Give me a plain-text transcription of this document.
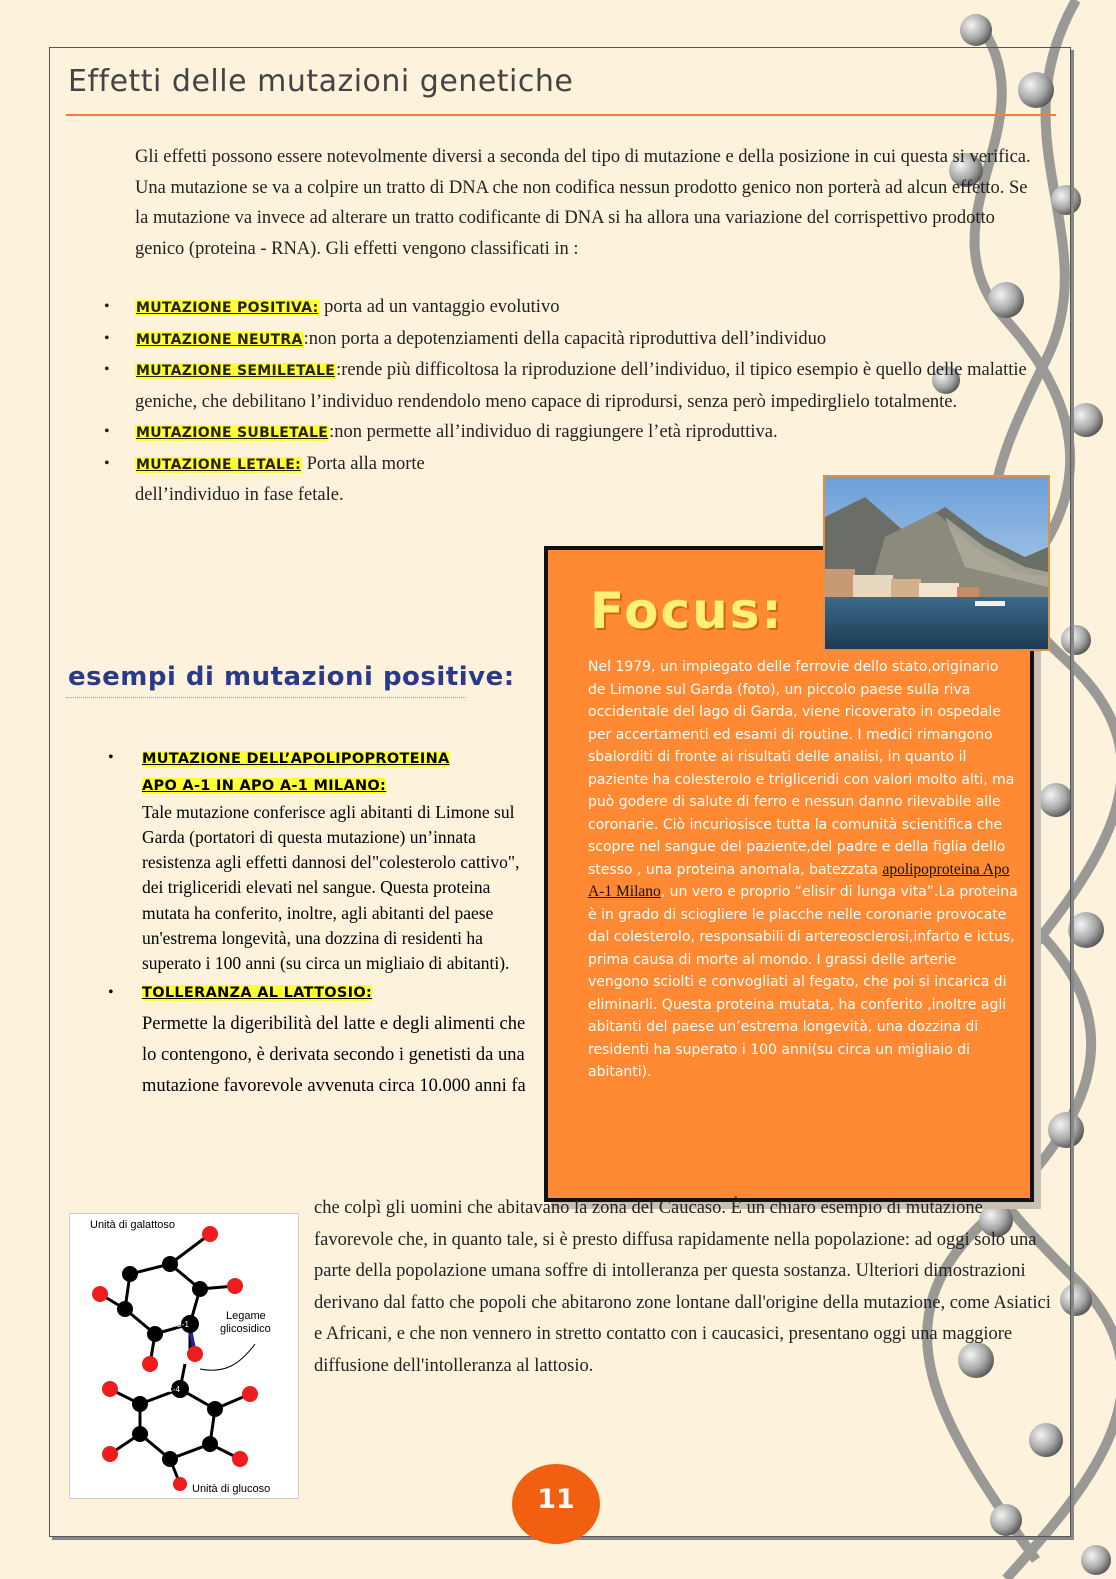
Effetti delle mutazioni genetiche

Gli effetti possono essere notevolmente diversi a seconda del tipo di mutazione e della posizione in cui questa si verifica. Una mutazione se va a colpire un tratto di DNA che non codifica nessun prodotto genico non porterà ad alcun effetto. Se la mutazione va invece ad alterare un tratto codificante di DNA si ha allora una variazione del corrispettivo prodotto genico (proteina - RNA). Gli effetti vengono classificati in :

• MUTAZIONE POSITIVA: porta ad un vantaggio evolutivo
• MUTAZIONE NEUTRA:non porta a depotenziamenti della capacità riproduttiva dell’individuo
• MUTAZIONE SEMILETALE:rende più difficoltosa la riproduzione dell’individuo, il tipico esempio è quello delle malattie geniche, che debilitano l’individuo rendendolo meno capace di riprodursi, senza però impedirglielo totalmente.
• MUTAZIONE SUBLETALE:non permette all’individuo di raggiungere l’età riproduttiva.
• MUTAZIONE LETALE: Porta alla morte dell’individuo in fase fetale.
Focus:

Nel 1979, un impiegato delle ferrovie dello stato,originario de Limone sul Garda (foto), un piccolo paese sulla riva occidentale del lago di Garda, viene ricoverato in ospedale per accertamenti ed esami di routine. I medici rimangono sbalorditi di fronte ai risultati delle analisi, in quanto il paziente ha colesterolo e trigliceridi con valori molto alti, ma può godere di salute di ferro e nessun danno rilevabile alle coronarie. Ciò incuriosisce tutta la comunità scientifica che scopre nel sangue del paziente,del padre e della figlia dello stesso , una proteina anomala, batezzata apolipoproteina Apo A-1 Milano, un vero e proprio “elisir di lunga vita”.La proteina è in grado di sciogliere le placche nelle coronarie provocate dal colesterolo, responsabili di artereosclerosi,infarto e ictus, prima causa di morte al mondo. I grassi delle arterie vengono sciolti e convogliati al fegato, che poi si incarica di eliminarli. Questa proteina mutata, ha conferito ,inoltre agli abitanti del paese un’estrema longevità, una dozzina di residenti ha superato i 100 anni(su circa un migliaio di abitanti).

esempi di mutazioni positive:
• MUTAZIONE DELL’APOLIPOPROTEINA
APO A-1 IN APO A-1 MILANO:
Tale mutazione conferisce agli abitanti di Limone sul Garda (portatori di questa mutazione) un’innata resistenza agli effetti dannosi del"colesterolo cattivo", dei trigliceridi elevati nel sangue. Questa proteina mutata ha conferito, inoltre, agli abitanti del paese un'estrema longevità, una dozzina di residenti ha superato i 100 anni (su circa un migliaio di abitanti).
• TOLLERANZA AL LATTOSIO:
Permette la digeribilità del latte e degli alimenti che lo contengono, è derivata secondo i genetisti da una mutazione favorevole avvenuta circa 10.000 anni fa

che colpì gli uomini che abitavano la zona del Caucaso. È un chiaro esempio di mutazione favorevole che, in quanto tale, si è presto diffusa rapidamente nella popolazione: ad oggi solo una parte della popolazione umana soffre di intolleranza per questa sostanza. Ulteriori dimostrazioni derivano dal fatto che popoli che abitarono zone lontane dall'origine della mutazione, come Asiatici e Africani, e che non vennero in stretto contatto con i caucasici, presentano oggi una maggiore diffusione dell'intolleranza al lattosio.

Unità di galattoso
Legame
glicosidico
C-1
C-4
Unità di glucoso	11
